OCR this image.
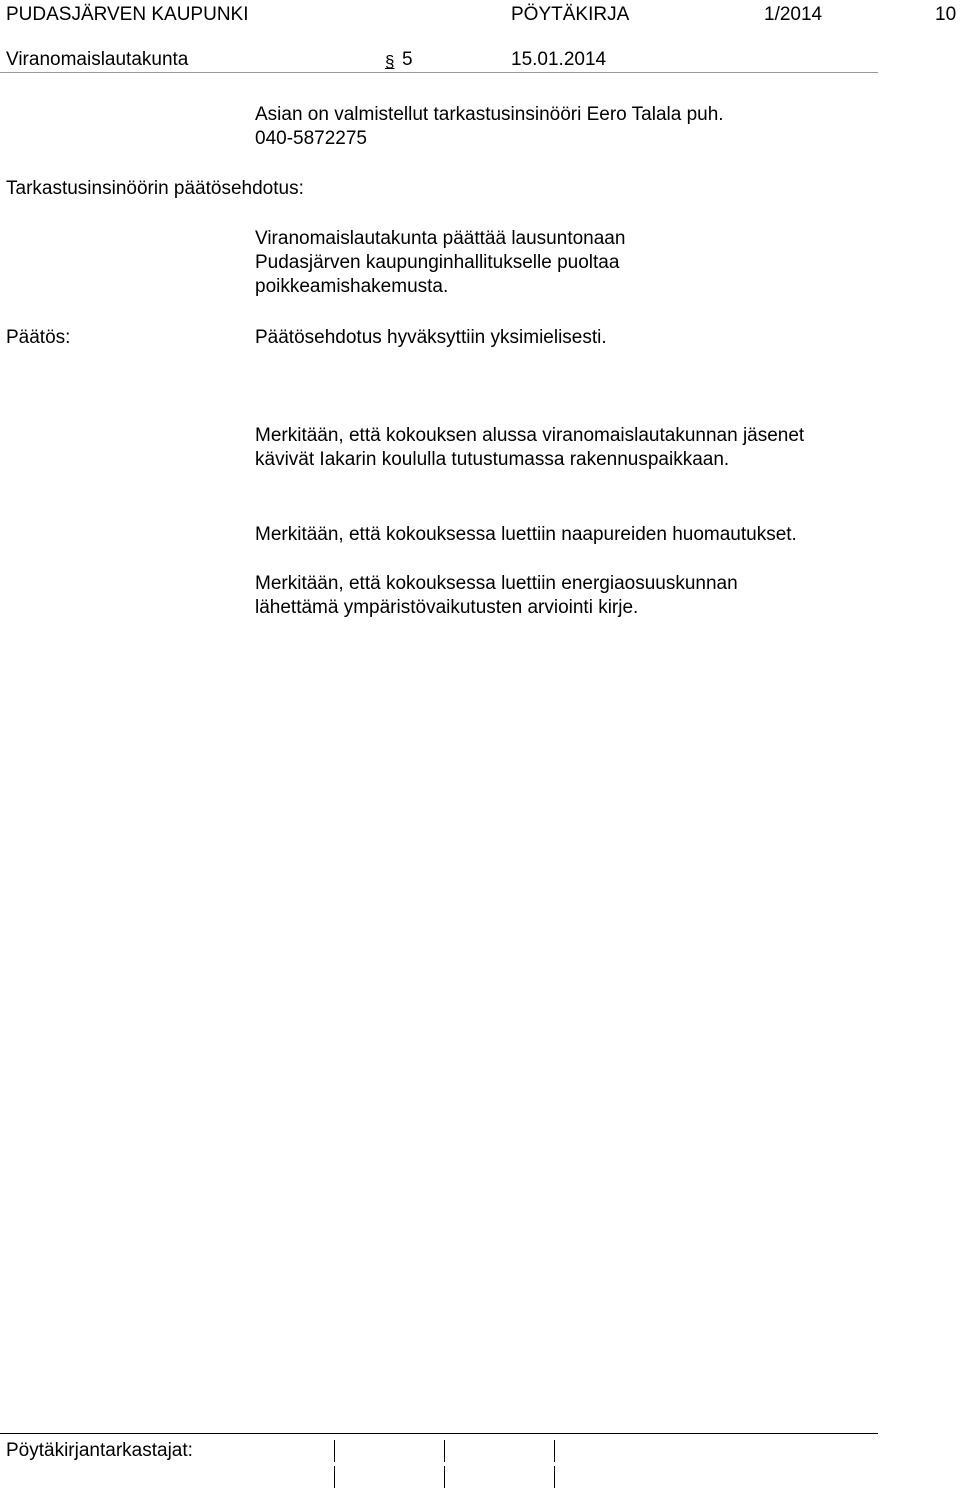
PUDASJÄRVEN KAUPUNKI	PÖYTÄKIRJA	1/2014	10
Viranomaislautakunta	§ 5	15.01.2014
Asian on valmistellut tarkastusinsinööri Eero Talala puh.
040-5872275
Tarkastusinsinöörin päätösehdotus:
Viranomaislautakunta päättää lausuntonaan
Pudasjärven kaupunginhallitukselle puoltaa
poikkeamishakemusta.
Päätös:	Päätösehdotus hyväksyttiin yksimielisesti.
Merkitään, että kokouksen alussa viranomaislautakunnan jäsenet
kävivät Iakarin koululla tutustumassa rakennuspaikkaan.
Merkitään, että kokouksessa luettiin naapureiden huomautukset.
Merkitään, että kokouksessa luettiin energiaosuuskunnan
lähettämä ympäristövaikutusten arviointi kirje.
Pöytäkirjantarkastajat:
